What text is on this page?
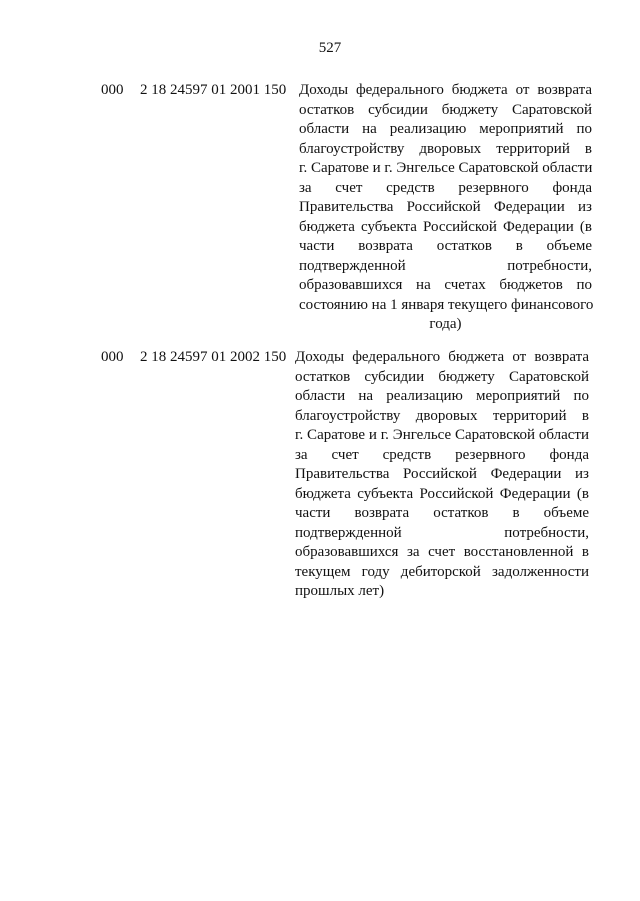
527
000 2 18 24597 01 2001 150 Доходы федерального бюджета от возврата
остатков субсидии бюджету Саратовской
области на реализацию мероприятий по
благоустройству дворовых территорий в
г. Саратове и г. Энгельсе Саратовской области
за счет средств резервного фонда
Правительства Российской Федерации из
бюджета субъекта Российской Федерации (в
части возврата остатков в объеме
подтвержденной потребности,
образовавшихся на счетах бюджетов по
состоянию на 1 января текущего финансового
года)
000 2 18 24597 01 2002 150 Доходы федерального бюджета от возврата
остатков субсидии бюджету Саратовской
области на реализацию мероприятий по
благоустройству дворовых территорий в
г. Саратове и г. Энгельсе Саратовской области
за счет средств резервного фонда
Правительства Российской Федерации из
бюджета субъекта Российской Федерации (в
части возврата остатков в объеме
подтвержденной потребности,
образовавшихся за счет восстановленной в
текущем году дебиторской задолженности
прошлых лет)
